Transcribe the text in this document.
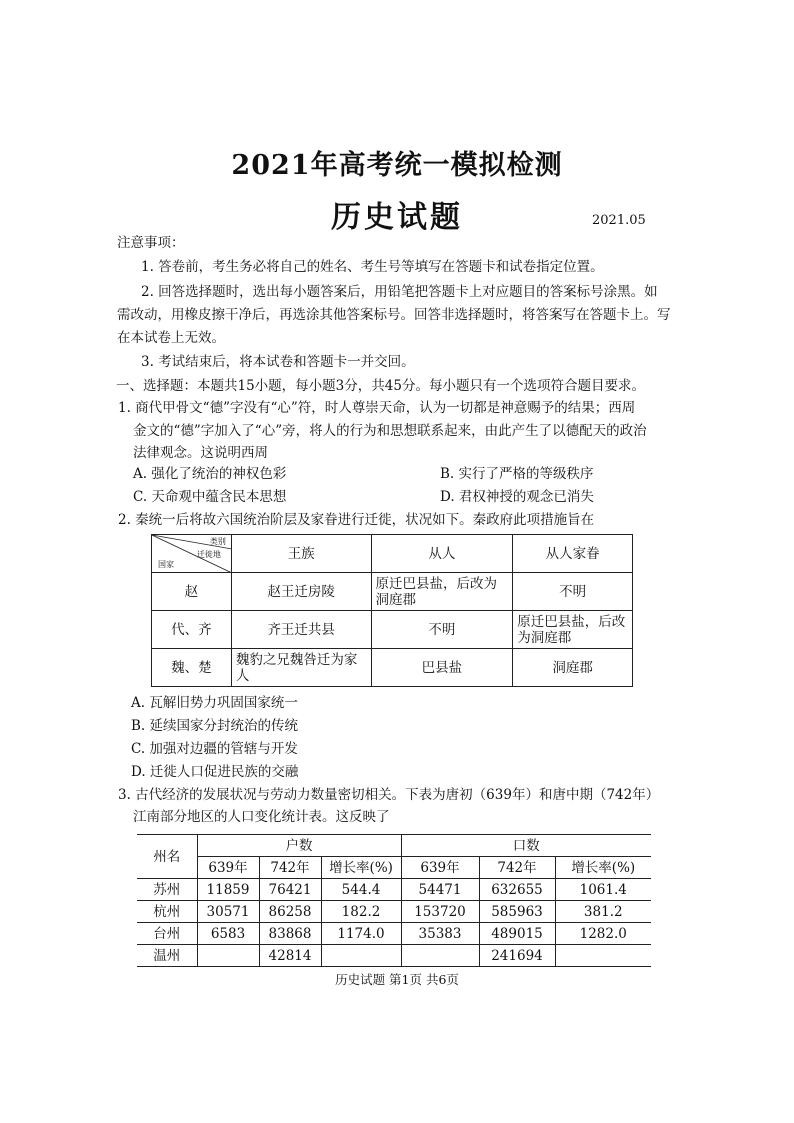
2021年高考统一模拟检测
历史试题	2021.05
注意事项：
1. 答卷前，考生务必将自己的姓名、考生号等填写在答题卡和试卷指定位置。
2. 回答选择题时，选出每小题答案后，用铅笔把答题卡上对应题目的答案标号涂黑。如
需改动，用橡皮擦干净后，再选涂其他答案标号。回答非选择题时，将答案写在答题卡上。写
在本试卷上无效。
3. 考试结束后，将本试卷和答题卡一并交回。
一、选择题：本题共15小题，每小题3分，共45分。每小题只有一个选项符合题目要求。
1. 商代甲骨文“德”字没有“心”符，时人尊崇天命，认为一切都是神意赐予的结果；西周
金文的“德”字加入了“心”旁，将人的行为和思想联系起来，由此产生了以德配天的政治
法律观念。这说明西周
A. 强化了统治的神权色彩	B. 实行了严格的等级秩序
C. 天命观中蕴含民本思想	D. 君权神授的观念已消失
2. 秦统一后将故六国统治阶层及家眷进行迁徙，状况如下。秦政府此项措施旨在
类别
迁徙地
国家	王族	从人	从人家眷
赵	赵王迁房陵	原迁巴县盐，后改为洞庭郡	不明
代、齐	齐王迁共县	不明	原迁巴县盐，后改为洞庭郡
魏、楚	魏豹之兄魏咎迁为家人	巴县盐	洞庭郡
A. 瓦解旧势力巩固国家统一
B. 延续国家分封统治的传统
C. 加强对边疆的管辖与开发
D. 迁徙人口促进民族的交融
3. 古代经济的发展状况与劳动力数量密切相关。下表为唐初（639年）和唐中期（742年）
江南部分地区的人口变化统计表。这反映了
州名	户数			口数		
	639年	742年	增长率(%)	639年	742年	增长率(%)
苏州	11859	76421	544.4	54471	632655	1061.4
杭州	30571	86258	182.2	153720	585963	381.2
台州	6583	83868	1174.0	35383	489015	1282.0
温州		42814			241694	
历史试题 第1页 共6页
